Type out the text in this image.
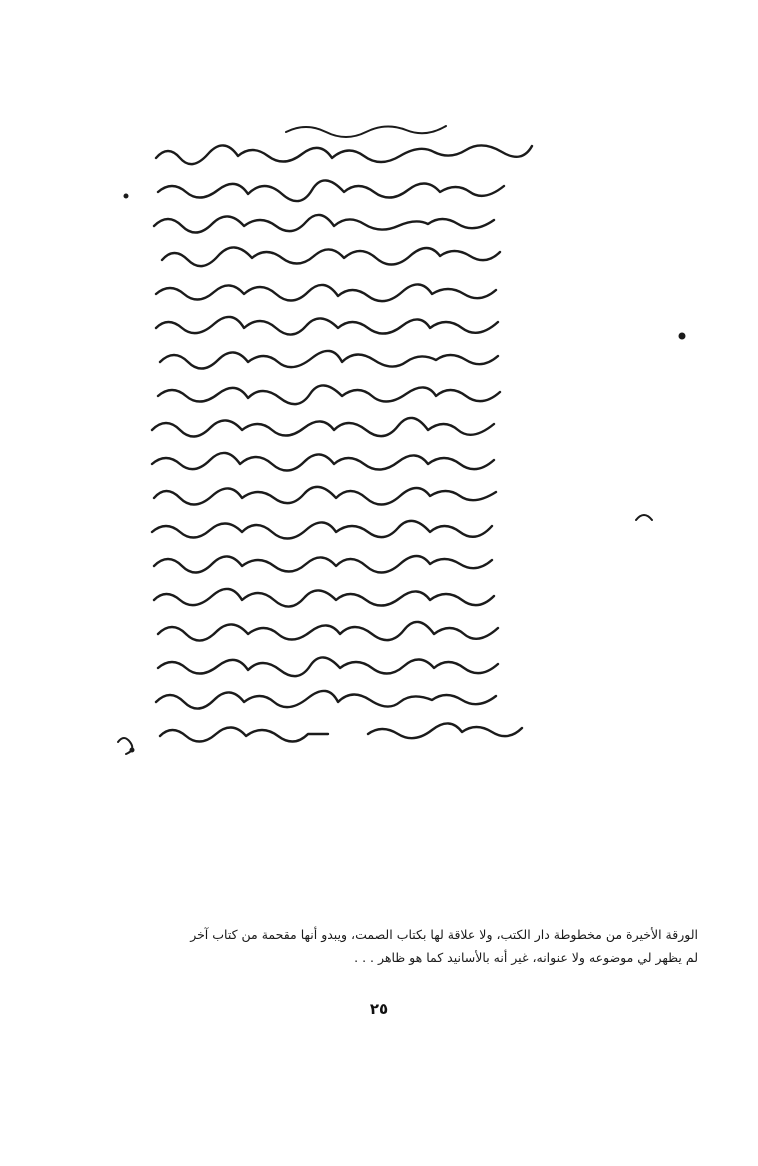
الورقة الأخيرة من مخطوطة دار الكتب، ولا علاقة لها بكتاب الصمت، ويبدو أنها مقحمة من كتاب آخر

لم يظهر لي موضوعه ولا عنوانه، غير أنه بالأسانيد كما هو ظاهر . . .

٢٥
